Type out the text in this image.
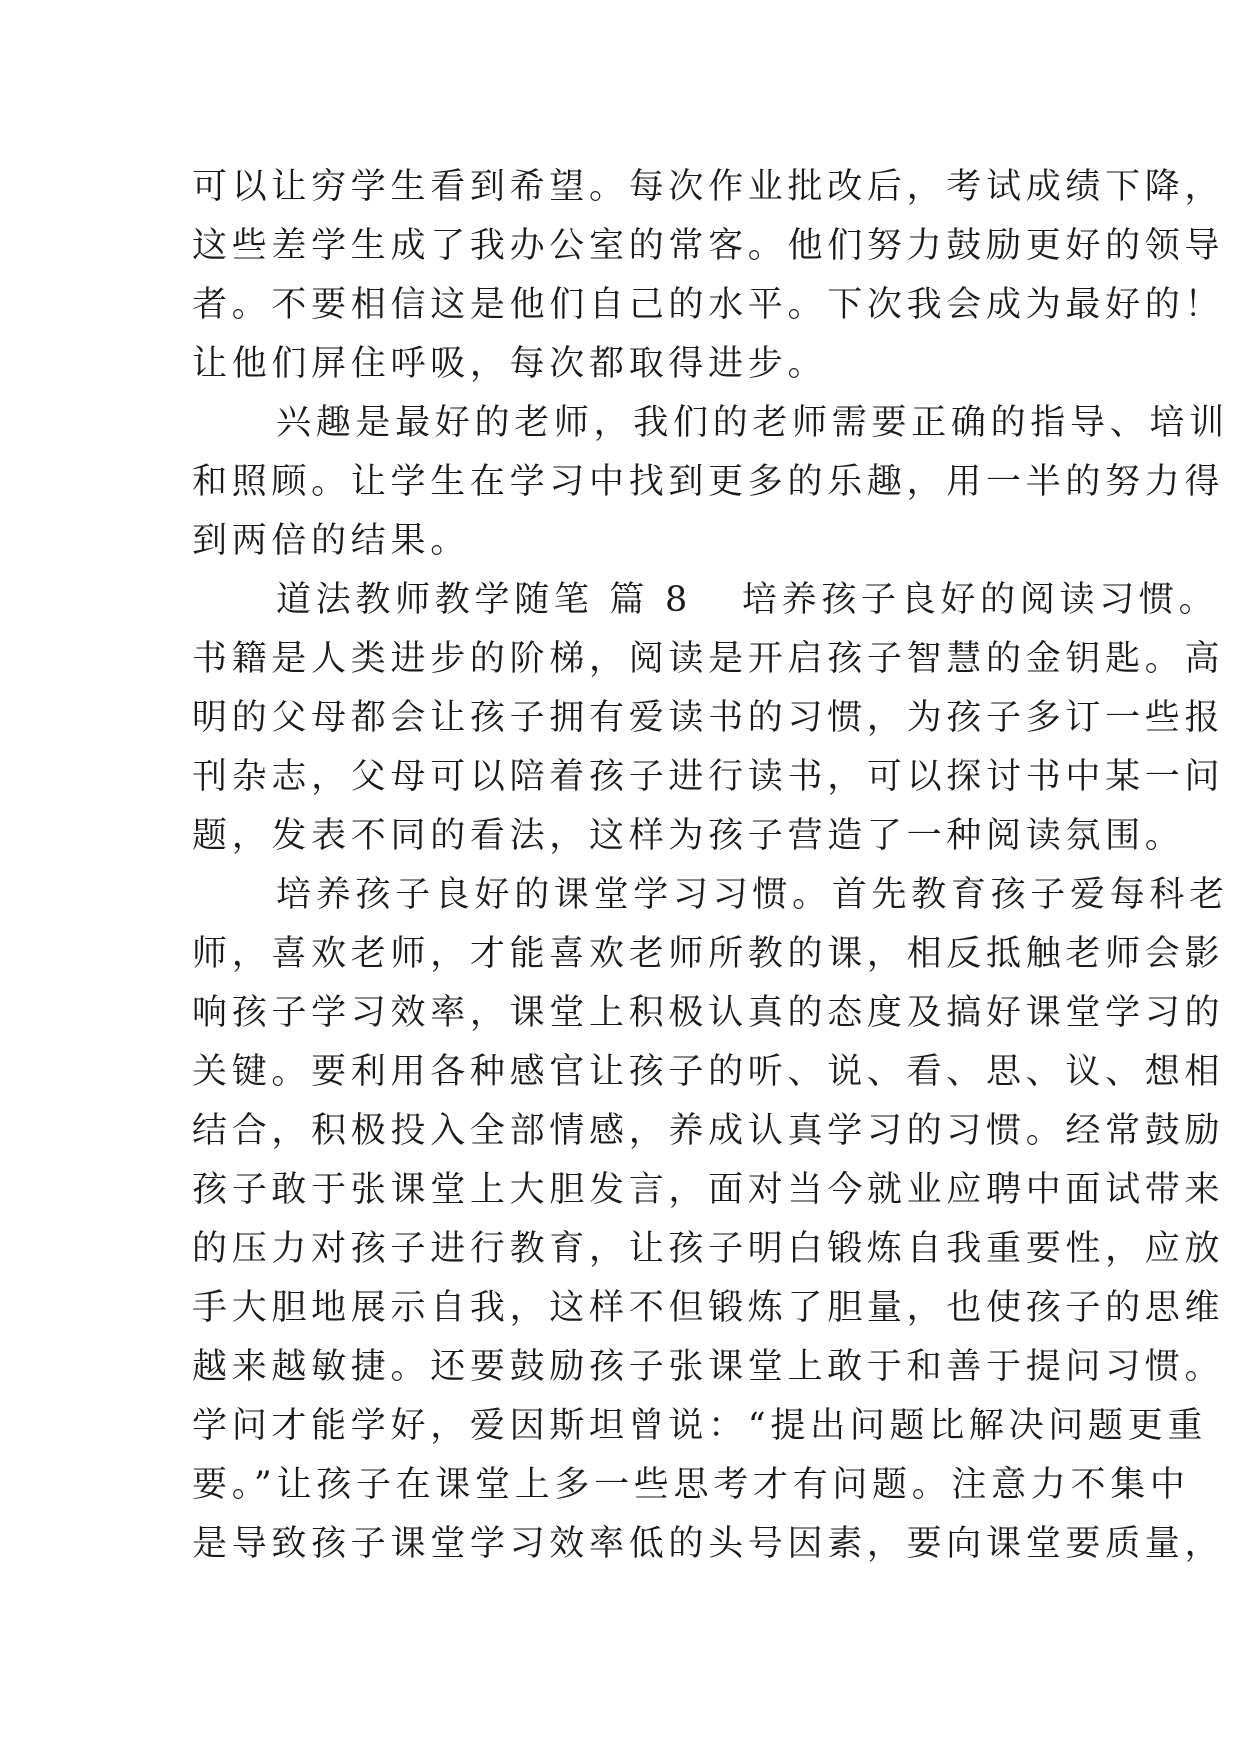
可以让穷学生看到希望。每次作业批改后，考试成绩下降，
这些差学生成了我办公室的常客。他们努力鼓励更好的领导
者。不要相信这是他们自己的水平。下次我会成为最好的！
让他们屏住呼吸，每次都取得进步。
兴趣是最好的老师，我们的老师需要正确的指导、培训
和照顾。让学生在学习中找到更多的乐趣，用一半的努力得
到两倍的结果。
道法教师教学随笔 篇 8 培养孩子良好的阅读习惯。
书籍是人类进步的阶梯，阅读是开启孩子智慧的金钥匙。高
明的父母都会让孩子拥有爱读书的习惯，为孩子多订一些报
刊杂志，父母可以陪着孩子进行读书，可以探讨书中某一问
题，发表不同的看法，这样为孩子营造了一种阅读氛围。
培养孩子良好的课堂学习习惯。首先教育孩子爱每科老
师，喜欢老师，才能喜欢老师所教的课，相反抵触老师会影
响孩子学习效率，课堂上积极认真的态度及搞好课堂学习的
关键。要利用各种感官让孩子的听、说、看、思、议、想相
结合，积极投入全部情感，养成认真学习的习惯。经常鼓励
孩子敢于张课堂上大胆发言，面对当今就业应聘中面试带来
的压力对孩子进行教育，让孩子明白锻炼自我重要性，应放
手大胆地展示自我，这样不但锻炼了胆量，也使孩子的思维
越来越敏捷。还要鼓励孩子张课堂上敢于和善于提问习惯。
学问才能学好，爱因斯坦曾说：“提出问题比解决问题更重
要。”让孩子在课堂上多一些思考才有问题。注意力不集中
是导致孩子课堂学习效率低的头号因素，要向课堂要质量，
